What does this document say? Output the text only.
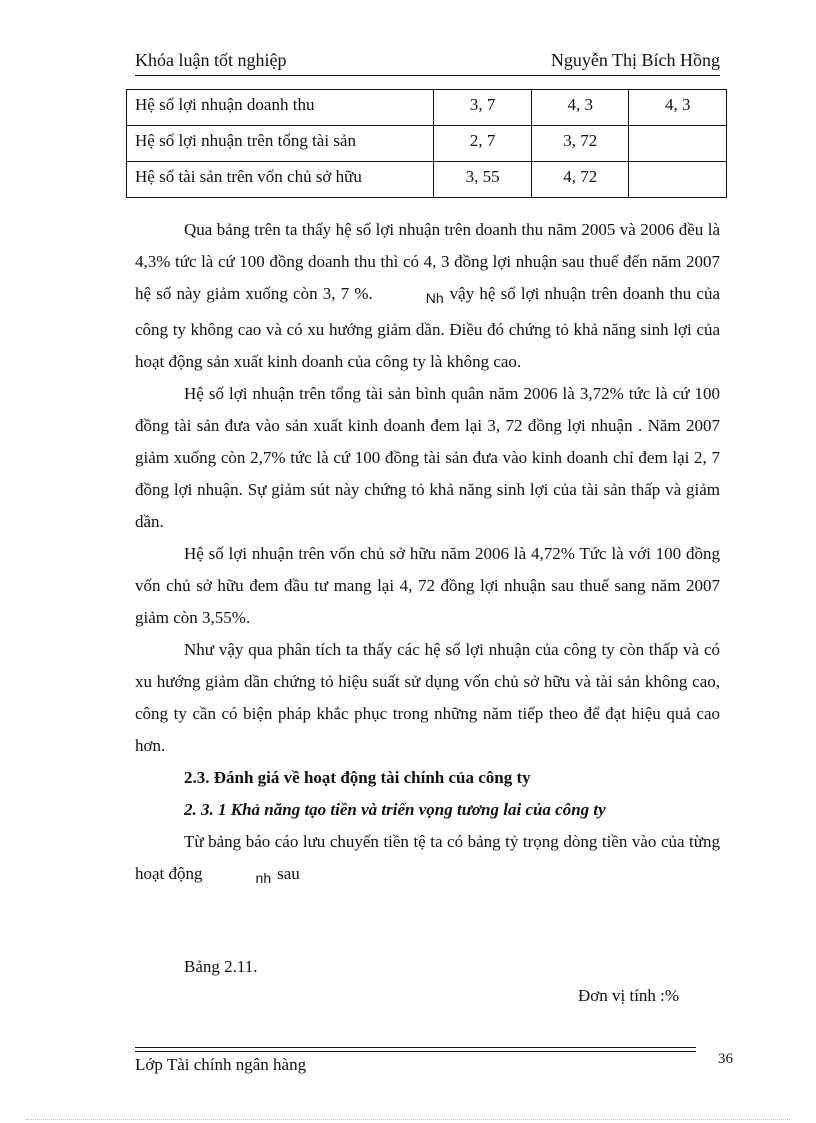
Khóa luận tốt nghiệp	Nguyễn Thị Bích Hồng
Hệ số lợi nhuận doanh thu	3, 7	4, 3	4, 3
Hệ số lợi nhuận trên tổng tài sản	2, 7	3, 72	
Hệ số tài sản trên vốn chủ sở hữu	3, 55	4, 72	

Qua bảng trên ta thấy hệ số lợi nhuận trên doanh thu năm 2005 và 2006 đều là 4,3% tức là cứ 100 đồng doanh thu thì có 4, 3 đồng lợi nhuận sau thuế đến năm 2007 hệ số này giảm xuống còn 3, 7 %.	Nh vậy hệ số lợi nhuận trên doanh thu của công ty không cao và có xu hướng giảm dần. Điều đó chứng tỏ khả năng sinh lợi của hoạt động sản xuất kinh doanh của công ty là không cao.

Hệ số lợi nhuận trên tổng tài sản bình quân năm 2006 là 3,72% tức là cứ 100 đồng tài sản đưa vào sản xuất kinh doanh đem lại 3, 72 đồng lợi nhuận . Năm 2007 giảm xuống còn 2,7% tức là cứ 100 đồng tài sản đưa vào kinh doanh chỉ đem lại 2, 7 đồng lợi nhuận. Sự giảm sút này chứng tỏ khả năng sinh lợi của tài sản thấp và giảm dần.

Hệ số lợi nhuận trên vốn chủ sở hữu năm 2006 là 4,72% Tức là với 100 đồng vốn chủ sở hữu đem đầu tư mang lại 4, 72 đồng lợi nhuận sau thuế sang năm 2007 giảm còn 3,55%.

Như vậy qua phân tích ta thấy các hệ số lợi nhuận của công ty còn thấp và có xu hướng giảm dần chứng tỏ hiệu suất sử dụng vốn chủ sở hữu và tài sản không cao, công ty cần có biện pháp khắc phục trong những năm tiếp theo để đạt hiệu quả cao hơn.

2.3. Đánh giá về hoạt động tài chính của công ty

2. 3. 1 Khả năng tạo tiền và triển vọng tương lai của công ty

Từ bảng báo cáo lưu chuyển tiền tệ ta có bảng tỷ trọng dòng tiền vào của từng hoạt động	nh sau

Bảng 2.11.
Đơn vị tính :%
Lớp Tài chính ngân hàng	36
